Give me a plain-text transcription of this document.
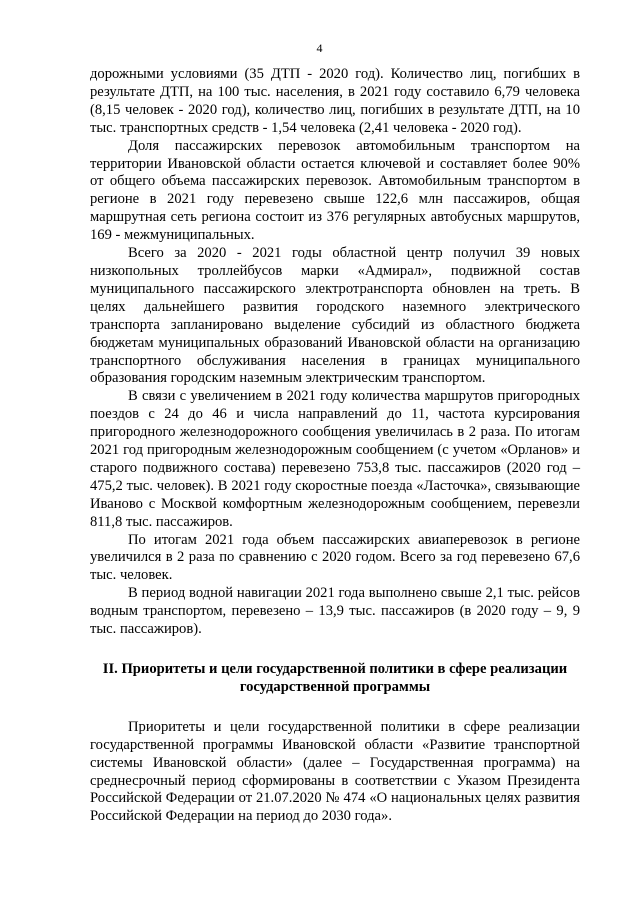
4

дорожными условиями (35 ДТП - 2020 год). Количество лиц, погибших в результате ДТП, на 100 тыс. населения, в 2021 году составило 6,79 человека (8,15 человек - 2020 год), количество лиц, погибших в результате ДТП, на 10 тыс. транспортных средств - 1,54 человека (2,41 человека - 2020 год).

Доля пассажирских перевозок автомобильным транспортом на территории Ивановской области остается ключевой и составляет более 90% от общего объема пассажирских перевозок. Автомобильным транспортом в регионе в 2021 году перевезено свыше 122,6 млн пассажиров, общая маршрутная сеть региона состоит из 376 регулярных автобусных маршрутов, 169 - межмуниципальных.

Всего за 2020 - 2021 годы областной центр получил 39 новых низкопольных троллейбусов марки «Адмирал», подвижной состав муниципального пассажирского электротранспорта обновлен на треть. В целях дальнейшего развития городского наземного электрического транспорта запланировано выделение субсидий из областного бюджета бюджетам муниципальных образований Ивановской области на организацию транспортного обслуживания населения в границах муниципального образования городским наземным электрическим транспортом.

В связи с увеличением в 2021 году количества маршрутов пригородных поездов с 24 до 46 и числа направлений до 11, частота курсирования пригородного железнодорожного сообщения увеличилась в 2 раза. По итогам 2021 год пригородным железнодорожным сообщением (с учетом «Орланов» и старого подвижного состава) перевезено 753,8 тыс. пассажиров (2020 год – 475,2 тыс. человек). В 2021 году скоростные поезда «Ласточка», связывающие Иваново с Москвой комфортным железнодорожным сообщением, перевезли 811,8 тыс. пассажиров.

По итогам 2021 года объем пассажирских авиаперевозок в регионе увеличился в 2 раза по сравнению с 2020 годом. Всего за год перевезено 67,6 тыс. человек.

В период водной навигации 2021 года выполнено свыше 2,1 тыс. рейсов водным транспортом, перевезено – 13,9 тыс. пассажиров (в 2020 году – 9, 9 тыс. пассажиров).

II. Приоритеты и цели государственной политики в сфере реализации государственной программы

Приоритеты и цели государственной политики в сфере реализации государственной программы Ивановской области «Развитие транспортной системы Ивановской области» (далее – Государственная программа) на среднесрочный период сформированы в соответствии с Указом Президента Российской Федерации от 21.07.2020 № 474 «О национальных целях развития Российской Федерации на период до 2030 года».
